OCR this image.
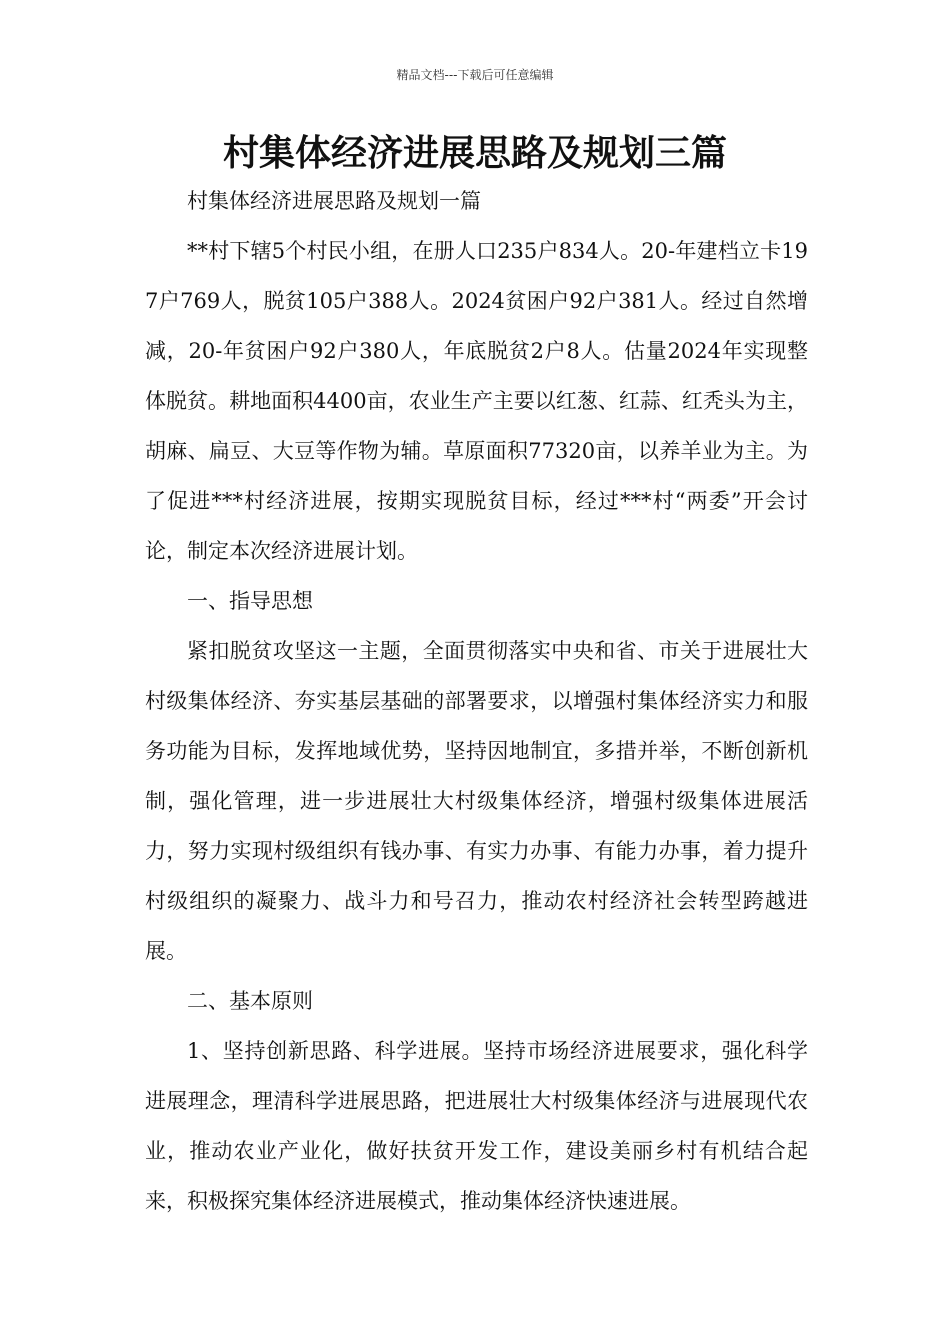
精品文档---下载后可任意编辑
村集体经济进展思路及规划三篇

村集体经济进展思路及规划一篇

**村下辖5个村民小组，在册人口235户834人。20-年建档立卡197户769人，脱贫105户388人。2024贫困户92户381人。经过自然增减，20-年贫困户92户380人，年底脱贫2户8人。估量2024年实现整体脱贫。耕地面积4400亩，农业生产主要以红葱、红蒜、红秃头为主，胡麻、扁豆、大豆等作物为辅。草原面积77320亩，以养羊业为主。为了促进***村经济进展，按期实现脱贫目标，经过***村“两委”开会讨论，制定本次经济进展计划。

一、指导思想

紧扣脱贫攻坚这一主题，全面贯彻落实中央和省、市关于进展壮大村级集体经济、夯实基层基础的部署要求，以增强村集体经济实力和服务功能为目标，发挥地域优势，坚持因地制宜，多措并举，不断创新机制，强化管理，进一步进展壮大村级集体经济，增强村级集体进展活力，努力实现村级组织有钱办事、有实力办事、有能力办事，着力提升村级组织的凝聚力、战斗力和号召力，推动农村经济社会转型跨越进展。

二、基本原则

1、坚持创新思路、科学进展。坚持市场经济进展要求，强化科学进展理念，理清科学进展思路，把进展壮大村级集体经济与进展现代农业，推动农业产业化，做好扶贫开发工作，建设美丽乡村有机结合起来，积极探究集体经济进展模式，推动集体经济快速进展。
